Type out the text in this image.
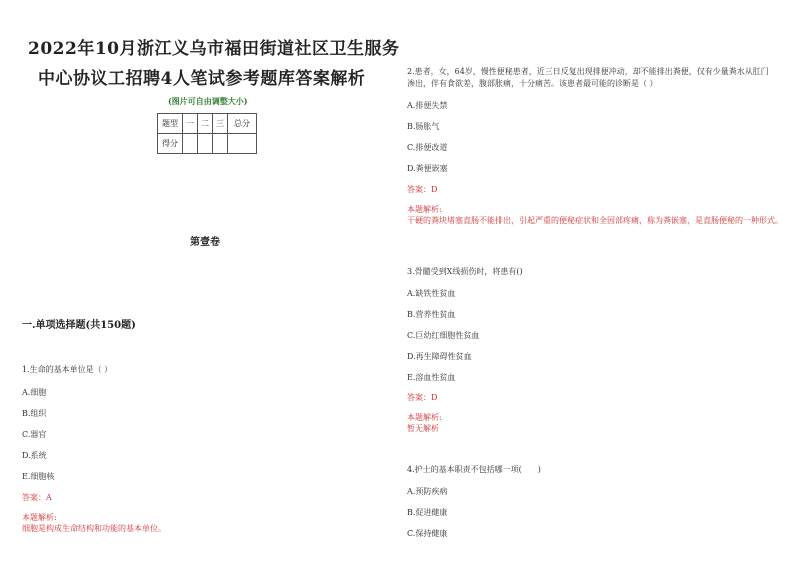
2022年10月浙江义乌市福田街道社区卫生服务
中心协议工招聘4人笔试参考题库答案解析
(图片可自由调整大小)
题型	一	二	三	总分
得分				
第壹卷
一.单项选择题(共150题)
1.生命的基本单位是（ ）
A.细胞
B.组织
C.器官
D.系统
E.细胞核
答案：A
本题解析:
细胞是构成生命结构和功能的基本单位。
2.患者，女，64岁，慢性便秘患者，近三日反复出现排便冲动，却不能排出粪便，仅有少量粪水从肛门渗出，伴有食欲差，腹部胀痛，十分痛苦。该患者最可能的诊断是（ ）
A.排便失禁
B.肠胀气
C.排便改道
D.粪便嵌塞
答案：D
本题解析:
干硬的粪块堵塞直肠不能排出，引起严重的便秘症状和全因部疼痛，称为粪嵌塞，是直肠便秘的一种形式。
3.骨髓受到X线损伤时，将患有()
A.缺铁性贫血
B.营养性贫血
C.巨幼红细胞性贫血
D.再生障碍性贫血
E.溶血性贫血
答案：D
本题解析:
暂无解析
4.护士的基本职责不包括哪一项(　　)
A.预防疾病
B.促进健康
C.保持健康
